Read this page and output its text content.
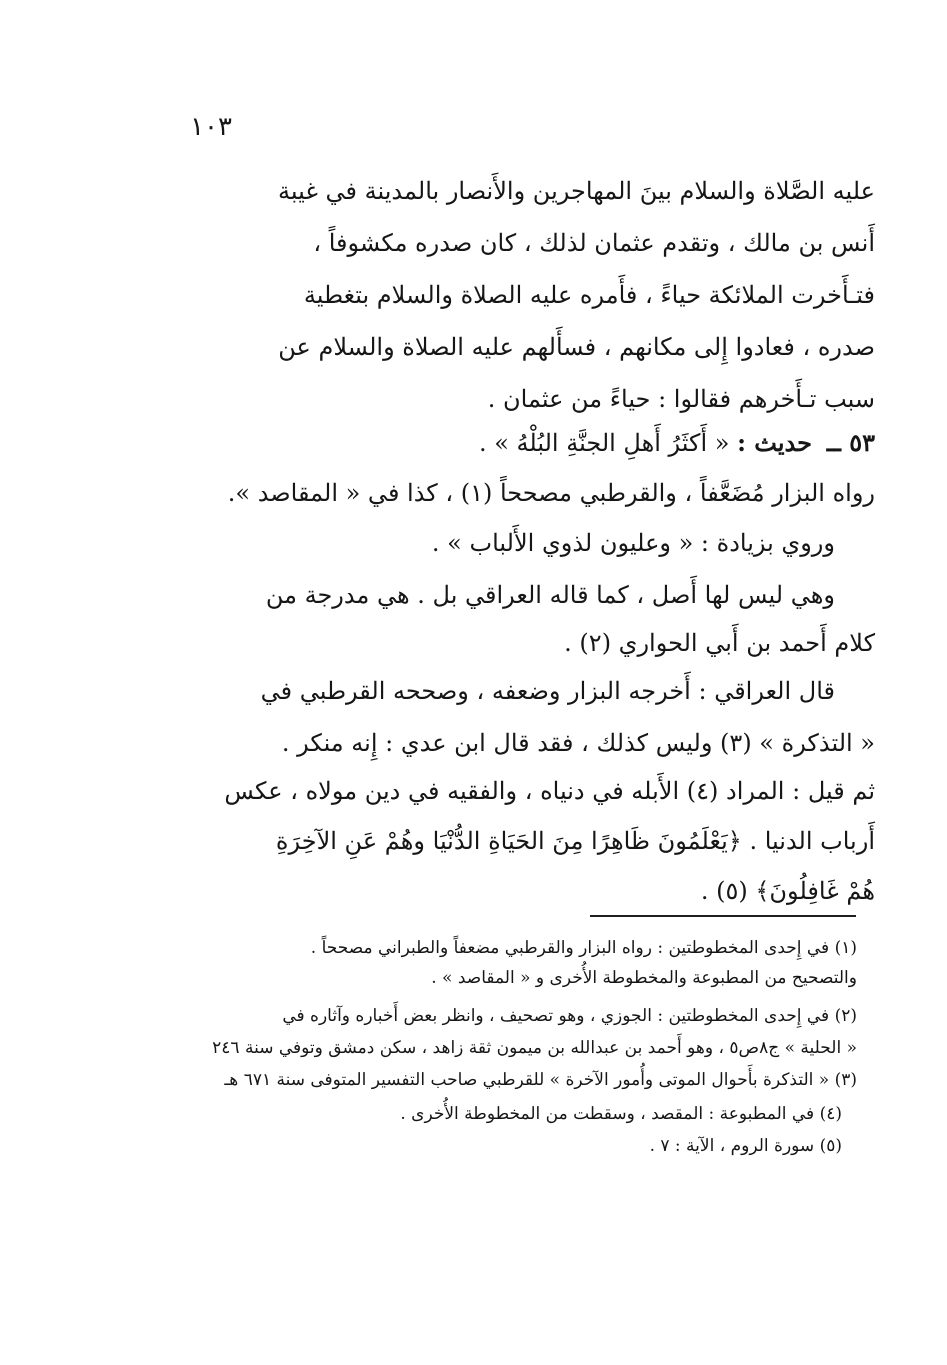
١٠٣
عليه الصَّلاة والسلام بينَ المهاجرين والأَنصار بالمدينة في غيبة
أَنس بن مالك ، وتقدم عثمان لذلك ، كان صدره مكشوفاً ،
فتـأَخرت الملائكة حياءً ، فأَمره عليه الصلاة والسلام بتغطية
صدره ، فعادوا إِلى مكانهم ، فسأَلهم عليه الصلاة والسلام عن
سبب تـأَخرهم فقالوا : حياءً من عثمان .
٥٣ ــ
حديث : « أَكثَرُ أَهلِ الجنَّةِ البُلْهُ » .
رواه البزار مُضَعَّفاً ، والقرطبي مصححاً (١) ، كذا في « المقاصد ».
وروي بزيادة : « وعليون لذوي الأَلباب » .
وهي ليس لها أَصل ، كما قاله العراقي بل . هي مدرجة من
كلام أَحمد بن أَبي الحواري (٢) .
قال العراقي : أَخرجه البزار وضعفه ، وصححه القرطبي في
« التذكرة » (٣) وليس كذلك ، فقد قال ابن عدي : إِنه منكر .
ثم قيل : المراد (٤) الأَبله في دنياه ، والفقيه في دين مولاه ، عكس
أَرباب الدنيا . ﴿يَعْلَمُونَ ظَاهِرًا مِنَ الحَيَاةِ الدُّنْيَا وهُمْ عَنِ الآخِرَةِ
هُمْ غَافِلُونَ﴾ (٥) .
(١) في إِحدى المخطوطتين : رواه البزار والقرطبي مضعفاً والطبراني مصححاً .
والتصحيح من المطبوعة والمخطوطة الأُخرى و « المقاصد » .
(٢) في إِحدى المخطوطتين : الجوزي ، وهو تصحيف ، وانظر بعض أَخباره وآثاره في
« الحلية » ج٨ص٥ ، وهو أَحمد بن عبدالله بن ميمون ثقة زاهد ، سكن دمشق وتوفي سنة ٢٤٦
(٣) « التذكرة بأَحوال الموتى وأُمور الآخرة » للقرطبي صاحب التفسير المتوفى سنة ٦٧١ هـ
(٤) في المطبوعة : المقصد ، وسقطت من المخطوطة الأُخرى .
(٥) سورة الروم ، الآية : ٧ .
